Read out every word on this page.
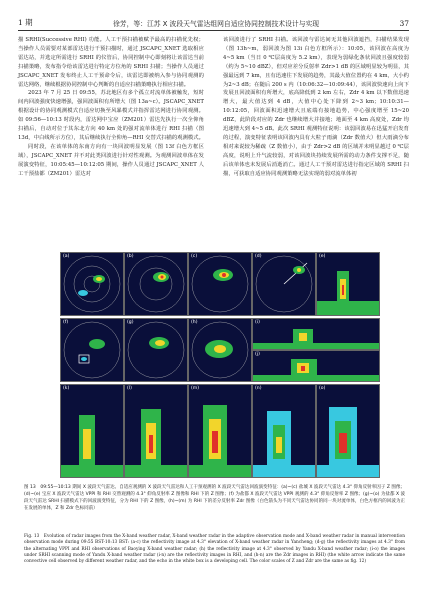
1 期	徐芳，等：江苏 X 波段天气雷达组网自适应协同控制技术设计与实现	37

描 SRHI(Successive RHI) 功能。人工干预扫描被赋予最高的扫描优先权；当操作人员需要对某部雷达进行干预扫描时，通过 JSCAPC_XNET 选取相应雷达站，并选定所需进行 SRHI 的仪管后，协同控制中心即刻将让该雷达当前扫描策略，发布指令给该雷达进行特定方位角的 SRHI 扫描；当操作人员通过 JSCAPC_XNET 发布终止人工干预命令后，该雷达即被纳入参与协同观测的雷达网络，继续根据协同控制中心判断的自适应扫描策略执行相应扫描。

2023 年 7 月 25 日 09:55，苏北地区有多个孤立对流单体被触发，短时间内回波强度快速增强，强回波面积有所增大（图 13a~c）。JSCAPC_XNET 根据设计的协同观测模式自适应切换至风暴模式并指挥雷达网进行协同观测。如 09:56—10:13 时段内，雷达网中宝应（ZM201）雷达先执行一次全仰角扫描后，自动对位于其东北方向 40 km 处的强对流单体进行 RHI 扫描（图 13d，中白线所示方位），其后继续执行全仰角—RHI 交替式扫描的观测模式。

同时段，在该单体的东南方向有一块回波明显发展（图 13f 白色方框区域），JSCAPC_XNET 并不对此类回波进行针对性观测。为观测回波单体在发展演变特征，10:05:45—10:12:05 期间，操作人员通过 JSCAPC_XNET 人工干预盐都（ZM201）雷达对

该回波进行了 SRHI 扫描。该回波与雷达间无其他回波遮挡，扫描结果发现（图 13h~m，弱回波为图 13i 白色方框所示）：10:05，该回波在高度为 4~5 km（当日 0 ℃层高度为 5.2 km），表现为弱绿化条状回波且强度较弱（约为 5~10 dBZ），但对应差分反射率 Zdr>1 dB 的区域明显较为明显，其强最远到 7 km，且有迅速往下发展的趋势，其最大值位置约在 4 km，大小约为2~3 dB；在随后 200 s 内（10:06:32—10:09:44），该回波快速向上向下发展且回波面积有所增大，底高降低到 2 km 左右，Zdr 4 km 以下数值迅速增大，最大值达到 4 dB，大值中心处下降到 2~3 km；10:10:31—10:12:05，回波面积迅速增大且底端有接地趋势，中心强度增至 15~20 dBZ，此阶段对应的 Zdr 也继续增大并接地；地面至 4 km 高度处，Zdr 均迅速增大到 4~5 dB。此次 SRHI 观测特征说明：该弱回波易在迅猛开启发育的过程，演变特征表明该回波内具有大粒子雨滴（Zdr 数值大）但大雨滴分布相对来说较为稀疏（Z 数值小），由于 Zdr>2 dB 的区域并未明显越过 0 ℃层高度，说明上升气流较弱，对该回波块持续发展所需的动力条件支撑不足，随后该单体也未发展后消逝消亡。通过人工干预对雷达进行指定区域的 SRHI 扫描，可获取自适应协同观测策略无法实现的弱对流单体初

(a)	(b)	(c)	(d)	(e)
(f)	(g)	(h)	(i)
(j)
(k)	(l)	(m)	(n)	(o)
图 13　09:55—10:13 期间 X 波段天气雷达、自适应观测的 X 波段天气雷达和人工干预观测的 X 波段天气雷达回波演变特征：(a)~(c) 盐城 X 波段天气雷达 4.3° 仰角反射率因子 Z 图像；(d)~(e) 宝应 X 波段天气雷达 VPPI 和 RHI 交替观测的 4.3° 仰角反射率 Z 图像和 RHI 下的 Z 图像；(f) 为盐都 X 波段天气雷达 VPPI 观测的 4.3° 仰角反射率 Z 图像；(g)~(o) 为盐都 X 波段天气雷达 SRHI 扫描模式下的回波演变特征，分为 RHI 下的 Z 图像，(h)~(m) 为 RHI 下的差分反射率 Zdr 图像（白色箭头为不同天气雷达协同的同一块对流单体，白色方框内的回波为正在发展的单体，Z 和 Zdr 色标同前）
Fig. 13　Evolution of radar images from the X-band weather radar, X-band weather radar in the adaptive observation mode and X-band weather radar in manual intervention observation mode during 09:55 BST-10:13 BST: (a-c) the reflectivity image at 4.3° elevation of X-band weather radar in Yancheng; (d-g) the reflectivity images at 4.3° from the alternating VPPI and RHI observations of Baoying X-band weather radar; (h) the reflectivity image at 4.3° observed by Yandu X-band weather radar; (i-o) the images under SRHI scanning mode of Yandu X-band weather radar (i-n) are the reflectivity images in RHI, and (h-n) are the Zdr images in RHI) (the white arrow indicate the same convective cell observed by different weather radar, and the echo in the white box is a developing cell. The color scales of Z and Zdr are the same as fig. 12)
